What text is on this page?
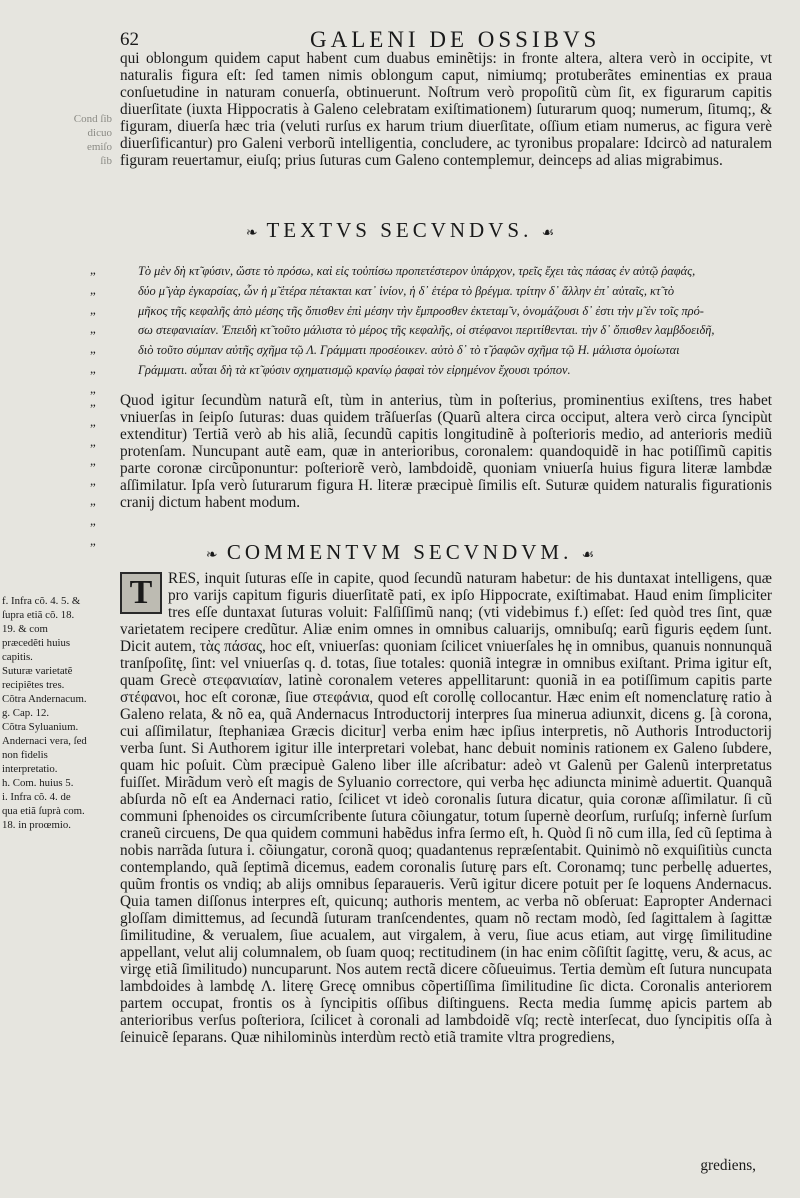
62	GALENI DE OSSIBVS
Cond ſib
dicuo
emiſo
ſib

qui oblongum quidem caput habent cum duabus eminẽtijs: in fronte altera, altera verò in occipite, vt naturalis figura eſt: ſed tamen nimis oblongum caput, nimiumq; protuberãtes eminentias ex praua conſuetudine in naturam conuerſa, obtinuerunt. Noſtrum verò propoſitũ cùm ſit, ex figurarum capitis diuerſitate (iuxta Hippocratis à Galeno celebratam exiſtimationem) ſuturarum quoq; numerum, ſitumq;, & figuram, diuerſa hæc tria (veluti rurſus ex harum trium diuerſitate, oſſium etiam numerus, ac figura verè diuerſificantur) pro Galeni verborũ intelligentia, concludere, ac tyronibus propalare: Idcircò ad naturalem figuram reuertamur, eiuſq; prius ſuturas cum Galeno contemplemur, deinceps ad alias migrabimus.

❧ TEXTVS SECVNDVS. ☙
„
„
„
„
„
„
„

Τὸ μὲν δὴ κτ̃ φύσιν, ὥστε τὸ πρόσω, καὶ εἰς τοὐπίσω προπετέστερον ὑπάρχον, τρεῖς ἔχει τὰς πάσας ἐν αὐτῷ ῥαφάς,

δύο μ̃ γὰρ ἐγκαρσίας, ὧν ἡ μ̃ ἑτέρα πέτακται κατ᾽ ἰνίον, ἡ δ᾽ ἑτέρα τὸ βρέγμα. τρίτην δ᾽ ἄλλην ἐπ᾽ αὐταῖς, κτ̃ τὸ

μῆκος τῆς κεφαλῆς ἀπὸ μέσης τῆς ὄπισθεν ἐπὶ μέσην τὴν ἔμπροσθεν ἐκτεταμ̃ ν, ὀνομάζουσι δ᾽ ἐστι τὴν μ̃ ἐν τοῖς πρό-

σω στεφανιαίαν. Ἐπειδὴ κτ̃ τοῦτο μάλιστα τὸ μέρος τῆς κεφαλῆς, οἱ στέφανοι περιτίθενται. τὴν δ᾽ ὄπισθεν λαμβδοειδῆ,

διὸ τοῦτο σύμπαν αὐτῆς σχῆμα τῷ Λ. Γράμματι προσέοικεν. αὐτὸ δ᾽ τὸ τ̃ ῥαφῶν σχῆμα τῷ Η. μάλιστα ὁμοίωται

Γράμματι. αὗται δὴ τὰ κτ̃ φύσιν σχηματισμῷ κρανίῳ ῥαφαὶ τὸν εἰρημένον ἔχουσι τρόπον.

„
„
„
„
„
„
„
„

Quod igitur ſecundùm naturã eſt, tùm in anterius, tùm in poſterius, prominentius exiſtens, tres habet vniuerſas in ſeipſo ſuturas: duas quidem trãſuerſas (Quarũ altera circa occiput, altera verò circa ſyncipùt extenditur) Tertiã verò ab his aliã, ſecundũ capitis longitudinẽ à poſterioris medio, ad anterioris mediũ protenſam. Nuncupant autẽ eam, quæ in anterioribus, coronalem: quandoquidẽ in hac potiſſimũ capitis parte coronæ circũponuntur: poſteriorẽ verò, lambdoidẽ, quoniam vniuerſa huius figura literæ lambdæ aſſimilatur. Ipſa verò ſuturarum figura H. literæ præcipuè ſimilis eſt. Suturæ quidem naturalis figurationis cranij dictum habent modum.

❧ COMMENTVM SECVNDVM. ☙

f. Infra cõ. 4. 5. & ſupra etiã cõ. 18. 19. & com præcedẽti huius capitis.

Suturæ varietatẽ recipiẽtes tres.

Cõtra Andernacum.

g. Cap. 12.

Cõtra Syluanium.

Andernaci vera, ſed non fidelis interpretatio.

h. Com. huius 5.

i. Infra cõ. 4. de qua etiã ſuprà com. 18. in proœmio.

T	RES, inquit ſuturas eſſe in capite, quod ſecundũ naturam habetur: de his duntaxat intelligens, quæ pro varijs capitum figuris diuerſitatẽ pati, ex ipſo Hippocrate, exiſtimabat. Haud enim ſimpliciter tres eſſe duntaxat ſuturas voluit: Falſiſſimũ nanq; (vti videbimus f.) eſſet: ſed quòd tres ſint, quæ varietatem recipere credũtur. Aliæ enim omnes in omnibus caluarijs, omnibuſq; earũ figuris eędem ſunt. Dicit autem, τὰς πάσας, hoc eſt, vniuerſas: quoniam ſcilicet vniuerſales hę in omnibus, quanuis nonnunquã tranſpoſitę, ſint: vel vniuerſas q. d. totas, ſiue totales: quoniã integræ in omnibus exiſtant. Prima igitur eſt, quam Grecè στεφανιαίαν, latinè coronalem veteres appellitarunt: quoniã in ea potiſſimum capitis parte στέφανοι, hoc eſt coronæ, ſiue στεφάνια, quod eſt corollę collocantur. Hæc enim eſt nomenclaturę ratio à Galeno relata, & nõ ea, quã Andernacus Introductorij interpres ſua minerua adiunxit, dicens g. [à corona, cui aſſimilatur, ſtephaniæa Græcis dicitur] verba enim hæc ipſius interpretis, nõ Authoris Introductorij verba ſunt. Si Authorem igitur ille interpretari volebat, hanc debuit nominis rationem ex Galeno ſubdere, quam hic poſuit. Cùm præcipuè Galeno liber ille aſcribatur: adeò vt Galenũ per Galenũ interpretatus fuiſſet. Mirãdum verò eſt magis de Syluanio correctore, qui verba hęc adiuncta minimè aduertit. Quanquã abſurda nõ eſt ea Andernaci ratio, ſcilicet vt ideò coronalis ſutura dicatur, quia coronæ aſſimilatur. ſi cũ communi ſphenoides os circumſcribente ſutura cõiungatur, totum ſupernè deorſum, rurſuſq; infernè ſurſum craneũ circuens, De qua quidem communi habẽdus infra ſermo eſt, h. Quòd ſi nõ cum illa, ſed cũ ſeptima à nobis narrãda ſutura i. cõiungatur, coronã quoq; quadantenus repræſentabit. Quinimò nõ exquiſitiùs cuncta contemplando, quã ſeptimã dicemus, eadem coronalis ſuturę pars eſt. Coronamq; tunc perbellę aduertes, quũm frontis os vndiq; ab alijs omnibus ſeparaueris. Verũ igitur dicere potuit per ſe loquens Andernacus. Quia tamen diſſonus interpres eſt, quicunq; authoris mentem, ac verba nõ obſeruat: Eapropter Andernaci gloſſam dimittemus, ad ſecundã ſuturam tranſcendentes, quam nõ rectam modò, ſed ſagittalem à ſagittæ ſimilitudine, & verualem, ſiue acualem, aut virgalem, à veru, ſiue acus etiam, aut virgę ſimilitudine appellant, velut alij columnalem, ob ſuam quoq; rectitudinem (in hac enim cõſiſtit ſagittę, veru, & acus, ac virgę etiã ſimilitudo) nuncuparunt. Nos autem rectã dicere cõſueuimus. Tertia demùm eſt ſutura nuncupata lambdoides à lambdę Λ. literę Grecę omnibus cõpertiſſima ſimilitudine ſic dicta. Coronalis anteriorem partem occupat, frontis os à ſyncipitis oſſibus diſtinguens. Recta media ſummę apicis partem ab anterioribus verſus poſteriora, ſcilicet à coronali ad lambdoidẽ vſq; rectè interſecat, duo ſyncipitis oſſa à ſeinuicẽ ſeparans. Quæ nihilominùs interdùm rectò etiã tramite vltra progrediens,

grediens,
